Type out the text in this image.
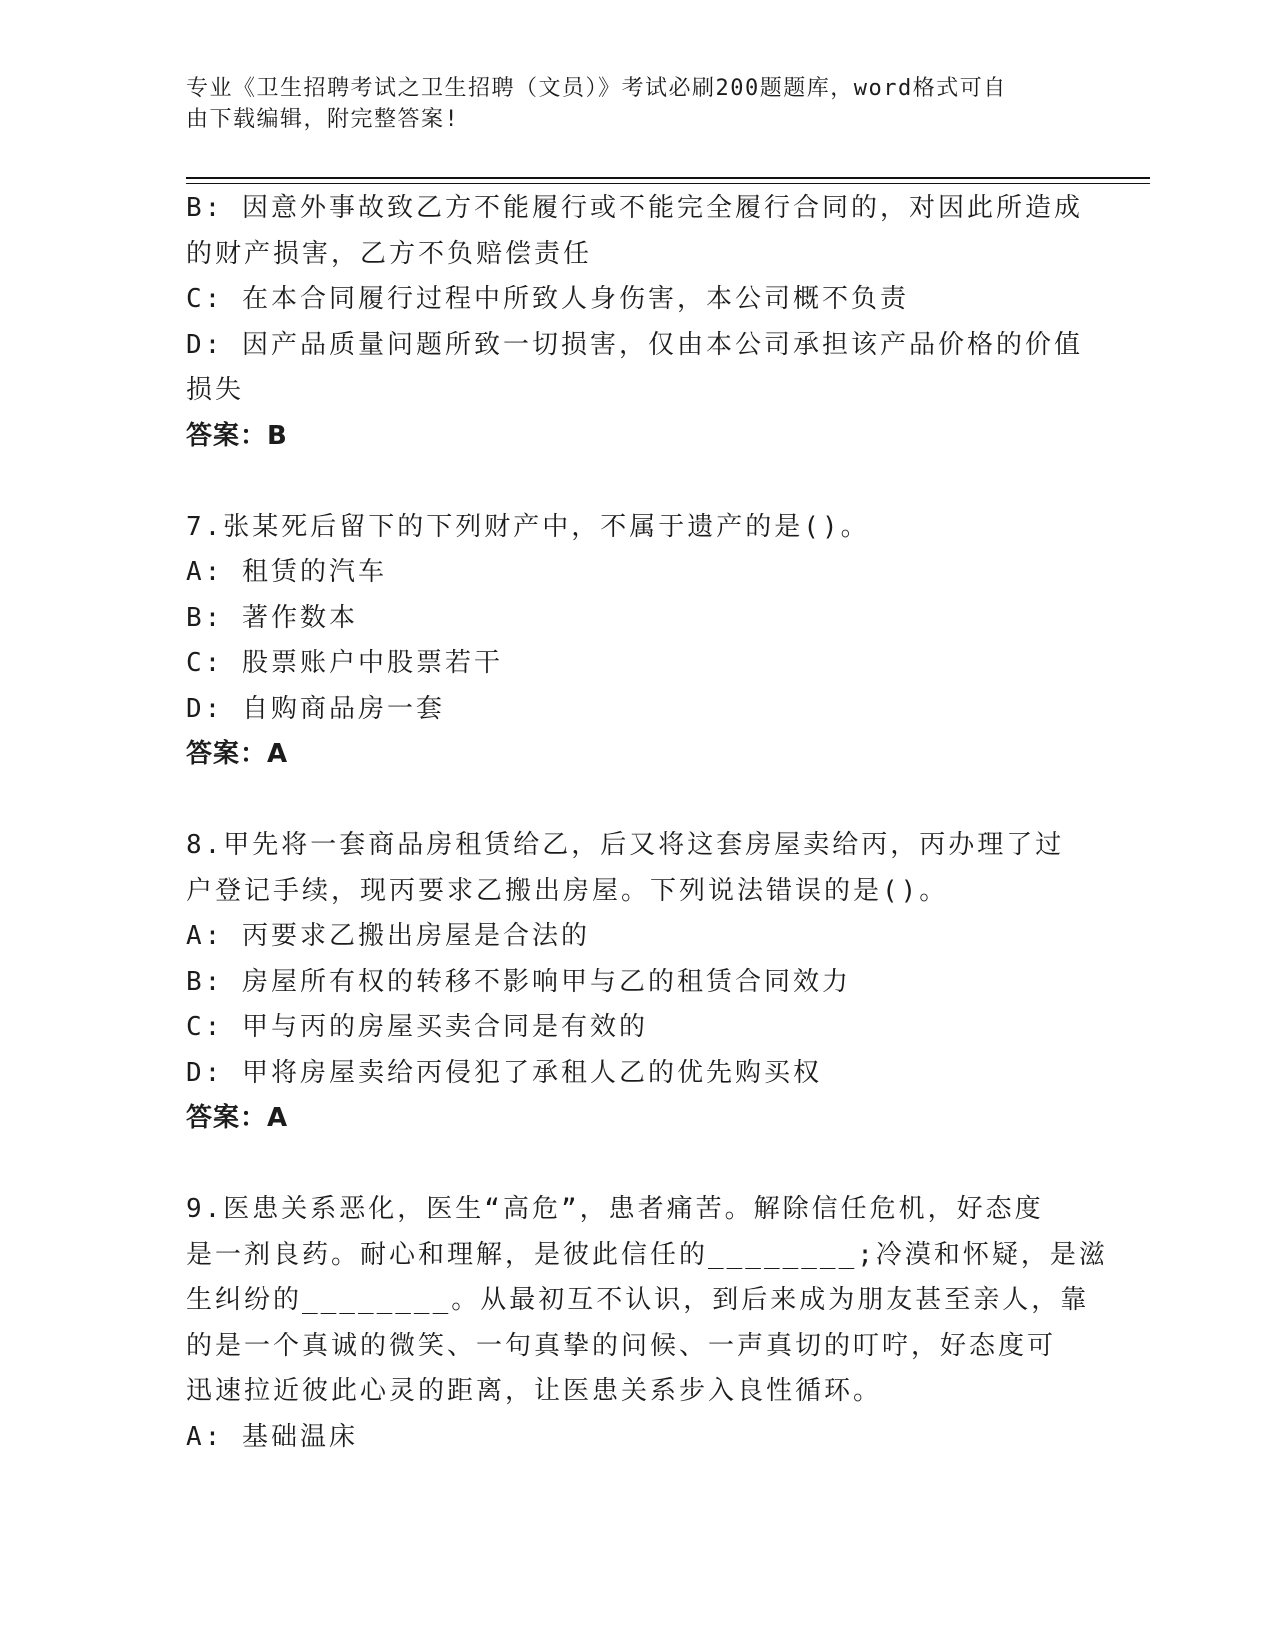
专业《卫生招聘考试之卫生招聘（文员）》考试必刷200题题库，word格式可自
由下载编辑，附完整答案!
B: 因意外事故致乙方不能履行或不能完全履行合同的，对因此所造成
的财产损害，乙方不负赔偿责任
C: 在本合同履行过程中所致人身伤害，本公司概不负责
D: 因产品质量问题所致一切损害，仅由本公司承担该产品价格的价值
损失
答案：B
7.张某死后留下的下列财产中，不属于遗产的是()。
A: 租赁的汽车
B: 著作数本
C: 股票账户中股票若干
D: 自购商品房一套
答案：A
8.甲先将一套商品房租赁给乙，后又将这套房屋卖给丙，丙办理了过
户登记手续，现丙要求乙搬出房屋。下列说法错误的是()。
A: 丙要求乙搬出房屋是合法的
B: 房屋所有权的转移不影响甲与乙的租赁合同效力
C: 甲与丙的房屋买卖合同是有效的
D: 甲将房屋卖给丙侵犯了承租人乙的优先购买权
答案：A
9.医患关系恶化，医生“高危”，患者痛苦。解除信任危机，好态度
是一剂良药。耐心和理解，是彼此信任的________;冷漠和怀疑，是滋
生纠纷的________。从最初互不认识，到后来成为朋友甚至亲人，靠
的是一个真诚的微笑、一句真挚的问候、一声真切的叮咛，好态度可
迅速拉近彼此心灵的距离，让医患关系步入良性循环。
A: 基础温床
